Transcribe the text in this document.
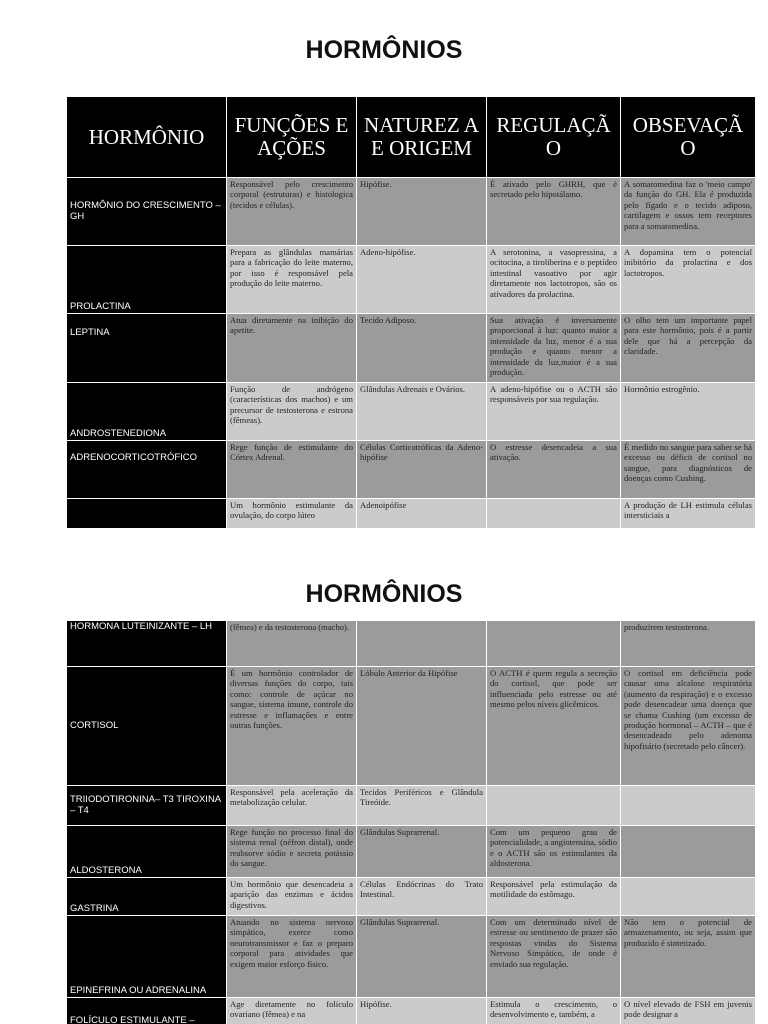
HORMÔNIOS
HORMÔNIO	FUNÇÕES E AÇÕES	NATUREZ A E ORIGEM	REGULAÇÃ O	OBSEVAÇÃ O
HORMÔNIO DO CRESCIMENTO – GH	Responsável pelo crescimento corporal (estruturas) e histologica (tecidos e células).	Hipófise.	É ativado pelo GHRH, que é secretado pelo hipotálamo.	A somatomedina faz o 'meio campo' da função do GH. Ela é produzida pelo fígado e o tecido adiposo, cartilagem e ossos tem receptores para a somatomedina.
PROLACTINA	Prepara as glândulas mamárias para a fabricação do leite materno, por isso é responsável pela produção do leite materno.	Adeno-hipófise.	A serotonina, a vasopressina, a ocitocina, a tiroliberina e o peptídeo intestinal vasoativo por agir diretamente nos lactotropos, são os ativadores da prolactina.	A dopamina tem o potencial inibitório da prolactina e dos lactotropos.
LEPTINA	Atua diretamente na inibição do apetite.	Tecido Adiposo.	Sua ativação é inversamente proporcional à luz: quanto maior a intensidade da luz, menor é a sua produção e quanto menor a intensidade da luz,maior é a sua produção.	O olho tem um importante papel para este hormônio, pois é a partir dele que há a percepção da claridade.
ANDROSTENEDIONA	Função de andrógeno (características dos machos) e um precursor de testosterona e estrona (fêmeas).	Glândulas Adrenais e Ovários.	A adeno-hipófise ou o ACTH são responsáveis por sua regulação.	Hormônio estrogênio.
ADRENOCORTICOTRÓFICO	Rege função de estimulante do Córtex Adrenal.	Células Corticotróficas da Adeno-hipófise	O estresse desencadeia a sua ativação.	É medido no sangue para saber se há excesso ou déficit de cortisol no sangue, para diagnósticos de doenças como Cushing.
	Um hormônio estimulante da ovulação, do corpo lúteo	Adenoipófise		A produção de LH estimula células intersticiais a
HORMÔNIOS
HORMONA LUTEINIZANTE – LH	(fêmea) e da testosterona (macho).			produzirem testosterona.
CORTISOL	É um hormônio controlador de diversas funções do corpo, tais como: controle de açúcar no sangue, sistema imune, controle do estresse e inflamações e entre outras funções.	Lóbulo Anterior da Hipófise	O ACTH é quem regula a secreção do cortisol, que pode ser influenciada pelo estresse ou até mesmo pelos níveis glicêmicos.	O cortisol em deficiência pode causar uma alcalose respiratória (aumento da respiração) e o excesso pode desencadear uma doença que se chama Cushing (um excesso de produção hormonal – ACTH – que é desencadeado pelo adenoma hipofisário (secretado pelo câncer).
TRIIODOTIRONINA– T3 TIROXINA – T4	Responsável pela aceleração da metabolização celular.	Tecidos Periféricos e Glândula Tireóide.		
ALDOSTERONA	Rege função no processo final do sistema renal (néfron distal), onde reabsorve sódio e secreta potássio do sangue.	Glândulas Suprarrenal.	Com um pequeno grau de potencialidade, a angiotensina, sódio e o ACTH são os estimulantes da aldosterona.	
GASTRINA	Um hormônio que desencadeia a aparição das enzimas e ácidos digestivos.	Células Endócrinas do Trato Intestinal.	Responsável pela estimulação da motilidade do estômago.	
EPINEFRINA OU ADRENALINA	Atuando no sistema nervoso simpático, exerce como neurotransmissor e faz o preparo corporal para atividades que exigem maior esforço físico.	Glândulas Suprarrenal.	Com um determinado nível de estresse ou sentimento de prazer são respostas vindas do Sistema Nervoso Simpático, de onde é enviado sua regulação.	Não tem o potencial de armazenamento, ou seja, assim que produzido é sintetizado.
FOLÍCULO ESTIMULANTE –	Age diretamente no folículo ovariano (fêmea) e na	Hipófise.	Estimula o crescimento, o desenvolvimento e, também, a	O nível elevado de FSH em juvenis pode designar a
